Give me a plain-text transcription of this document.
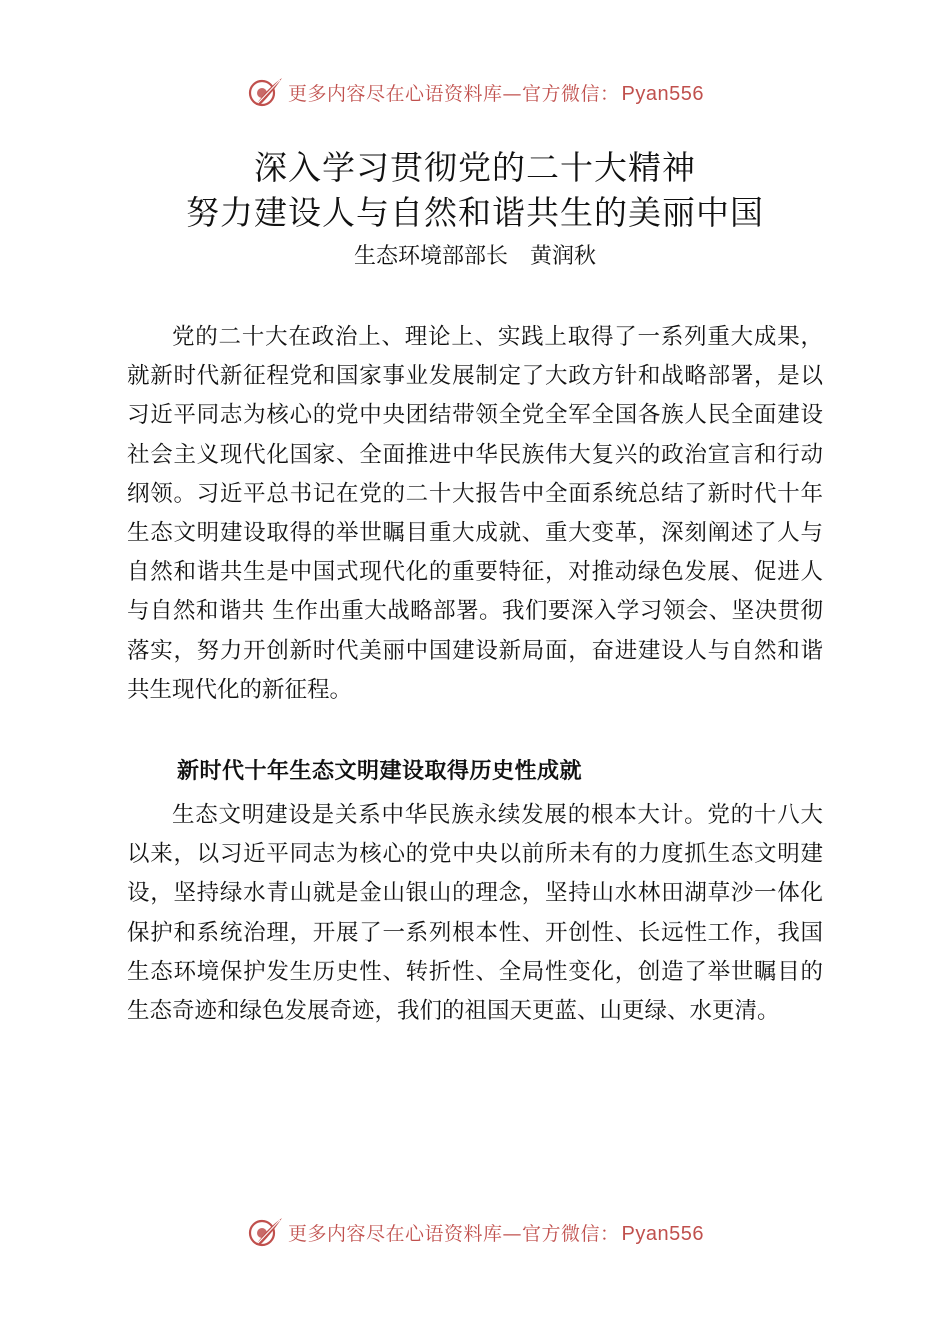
更多内容尽在心语资料库—官方微信： Pyan556
深入学习贯彻党的二十大精神
努力建设人与自然和谐共生的美丽中国
生态环境部部长　黄润秋
党的二十大在政治上、理论上、实践上取得了一系列重大成果，就新时代新征程党和国家事业发展制定了大政方针和战略部署，是以习近平同志为核心的党中央团结带领全党全军全国各族人民全面建设社会主义现代化国家、全面推进中华民族伟大复兴的政治宣言和行动纲领。习近平总书记在党的二十大报告中全面系统总结了新时代十年生态文明建设取得的举世瞩目重大成就、重大变革，深刻阐述了人与自然和谐共生是中国式现代化的重要特征，对推动绿色发展、促进人与自然和谐共 生作出重大战略部署。我们要深入学习领会、坚决贯彻落实，努力开创新时代美丽中国建设新局面，奋进建设人与自然和谐共生现代化的新征程。
新时代十年生态文明建设取得历史性成就
生态文明建设是关系中华民族永续发展的根本大计。党的十八大以来，以习近平同志为核心的党中央以前所未有的力度抓生态文明建设，坚持绿水青山就是金山银山的理念，坚持山水林田湖草沙一体化保护和系统治理，开展了一系列根本性、开创性、长远性工作，我国生态环境保护发生历史性、转折性、全局性变化，创造了举世瞩目的生态奇迹和绿色发展奇迹，我们的祖国天更蓝、山更绿、水更清。
更多内容尽在心语资料库—官方微信： Pyan556
